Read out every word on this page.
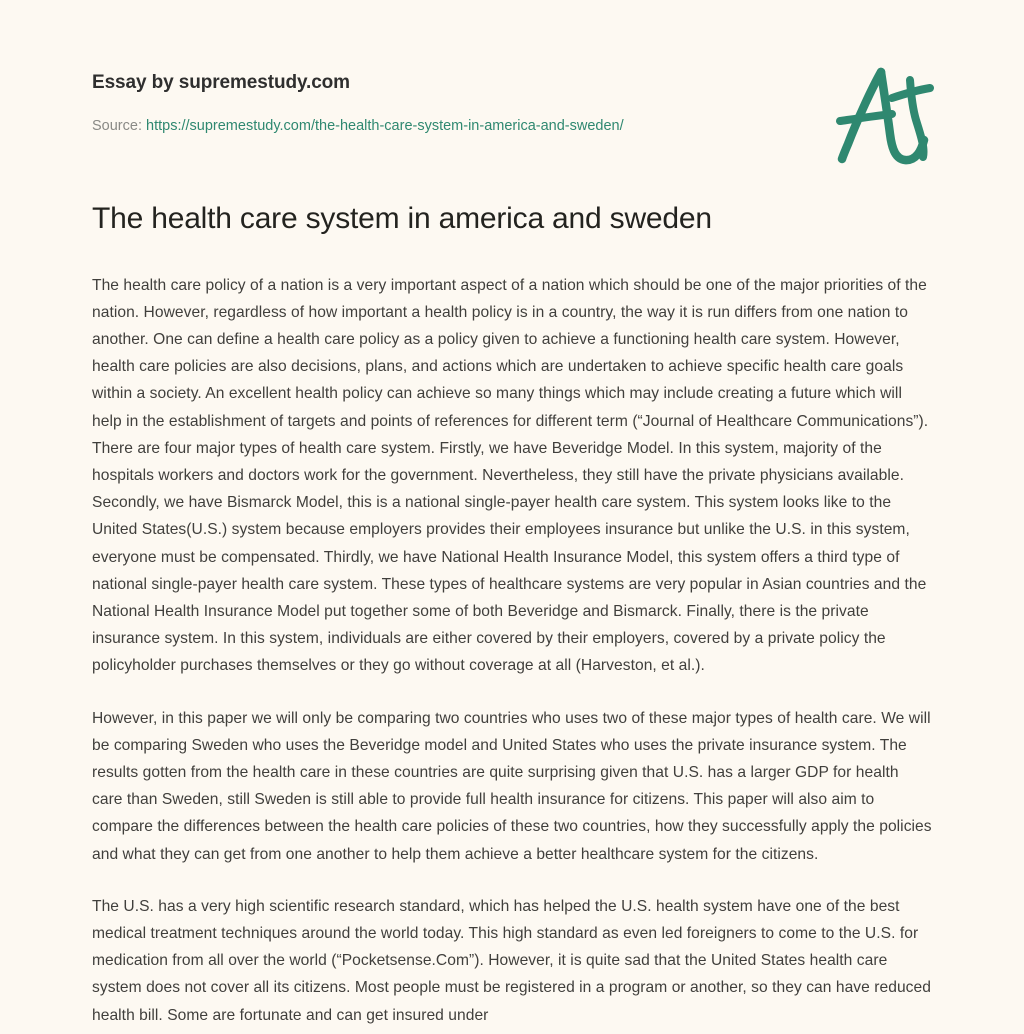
Essay by supremestudy.com
Source: https://supremestudy.com/the-health-care-system-in-america-and-sweden/
The health care system in america and sweden

The health care policy of a nation is a very important aspect of a nation which should be one of the major priorities of the nation. However, regardless of how important a health policy is in a country, the way it is run differs from one nation to another. One can define a health care policy as a policy given to achieve a functioning health care system. However, health care policies are also decisions, plans, and actions which are undertaken to achieve specific health care goals within a society. An excellent health policy can achieve so many things which may include creating a future which will help in the establishment of targets and points of references for different term (“Journal of Healthcare Communications”). There are four major types of health care system. Firstly, we have Beveridge Model. In this system, majority of the hospitals workers and doctors work for the government. Nevertheless, they still have the private physicians available. Secondly, we have Bismarck Model, this is a national single-payer health care system. This system looks like to the United States(U.S.) system because employers provides their employees insurance but unlike the U.S. in this system, everyone must be compensated. Thirdly, we have National Health Insurance Model, this system offers a third type of national single-payer health care system. These types of healthcare systems are very popular in Asian countries and the National Health Insurance Model put together some of both Beveridge and Bismarck. Finally, there is the private insurance system. In this system, individuals are either covered by their employers, covered by a private policy the policyholder purchases themselves or they go without coverage at all (Harveston, et al.).

However, in this paper we will only be comparing two countries who uses two of these major types of health care. We will be comparing Sweden who uses the Beveridge model and United States who uses the private insurance system. The results gotten from the health care in these countries are quite surprising given that U.S. has a larger GDP for health care than Sweden, still Sweden is still able to provide full health insurance for citizens. This paper will also aim to compare the differences between the health care policies of these two countries, how they successfully apply the policies and what they can get from one another to help them achieve a better healthcare system for the citizens.

The U.S. has a very high scientific research standard, which has helped the U.S. health system have one of the best medical treatment techniques around the world today. This high standard as even led foreigners to come to the U.S. for medication from all over the world (“Pocketsense.Com”). However, it is quite sad that the United States health care system does not cover all its citizens. Most people must be registered in a program or another, so they can have reduced health bill. Some are fortunate and can get insured under
